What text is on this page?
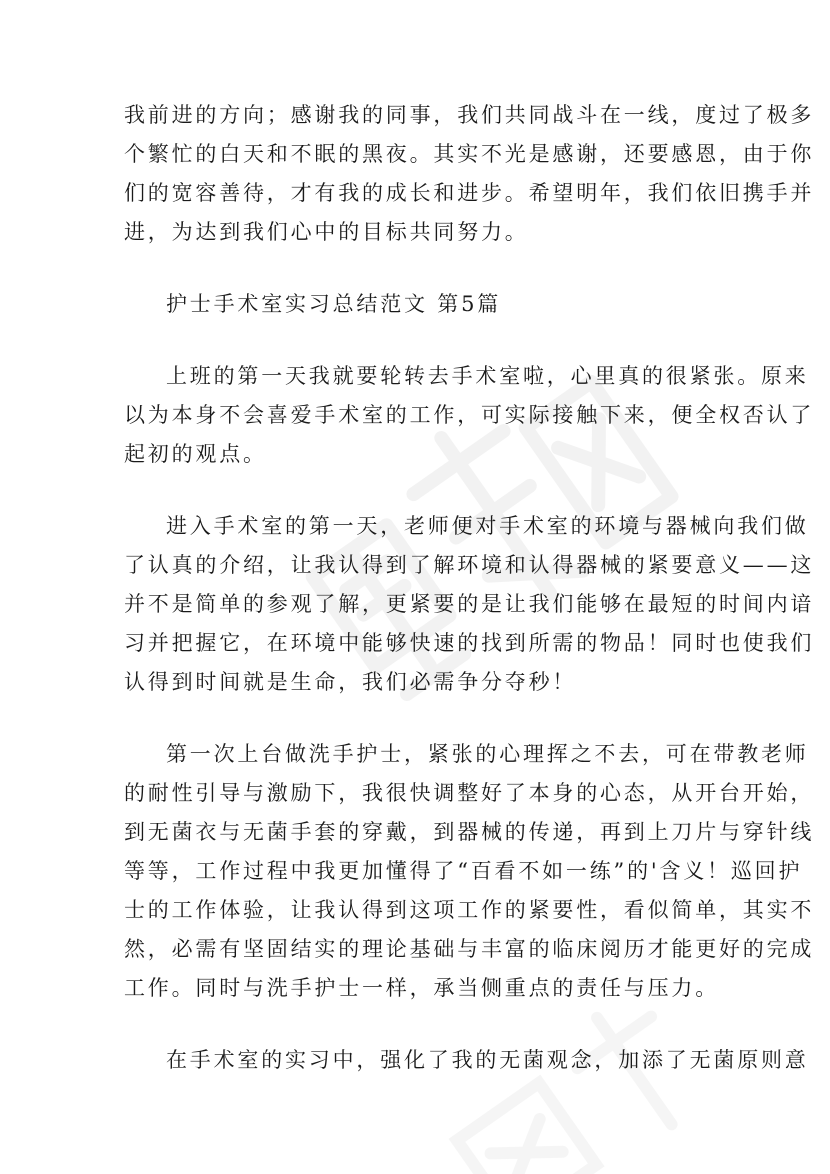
我前进的方向；感谢我的同事，我们共同战斗在一线，度过了极多
个繁忙的白天和不眠的黑夜。其实不光是感谢，还要感恩，由于你
们的宽容善待，才有我的成长和进步。希望明年，我们依旧携手并
进，为达到我们心中的目标共同努力。
护士手术室实习总结范文 第5篇
上班的第一天我就要轮转去手术室啦，心里真的很紧张。原来
以为本身不会喜爱手术室的工作，可实际接触下来，便全权否认了
起初的观点。
进入手术室的第一天，老师便对手术室的环境与器械向我们做
了认真的介绍，让我认得到了解环境和认得器械的紧要意义——这
并不是简单的参观了解，更紧要的是让我们能够在最短的时间内谙
习并把握它，在环境中能够快速的找到所需的物品！同时也使我们
认得到时间就是生命，我们必需争分夺秒！
第一次上台做洗手护士，紧张的心理挥之不去，可在带教老师
的耐性引导与激励下，我很快调整好了本身的心态，从开台开始，
到无菌衣与无菌手套的穿戴，到器械的传递，再到上刀片与穿针线
等等，工作过程中我更加懂得了“百看不如一练”的'含义！巡回护
士的工作体验，让我认得到这项工作的紧要性，看似简单，其实不
然，必需有坚固结实的理论基础与丰富的临床阅历才能更好的完成
工作。同时与洗手护士一样，承当侧重点的责任与压力。
在手术室的实习中，强化了我的无菌观念，加添了无菌原则意
